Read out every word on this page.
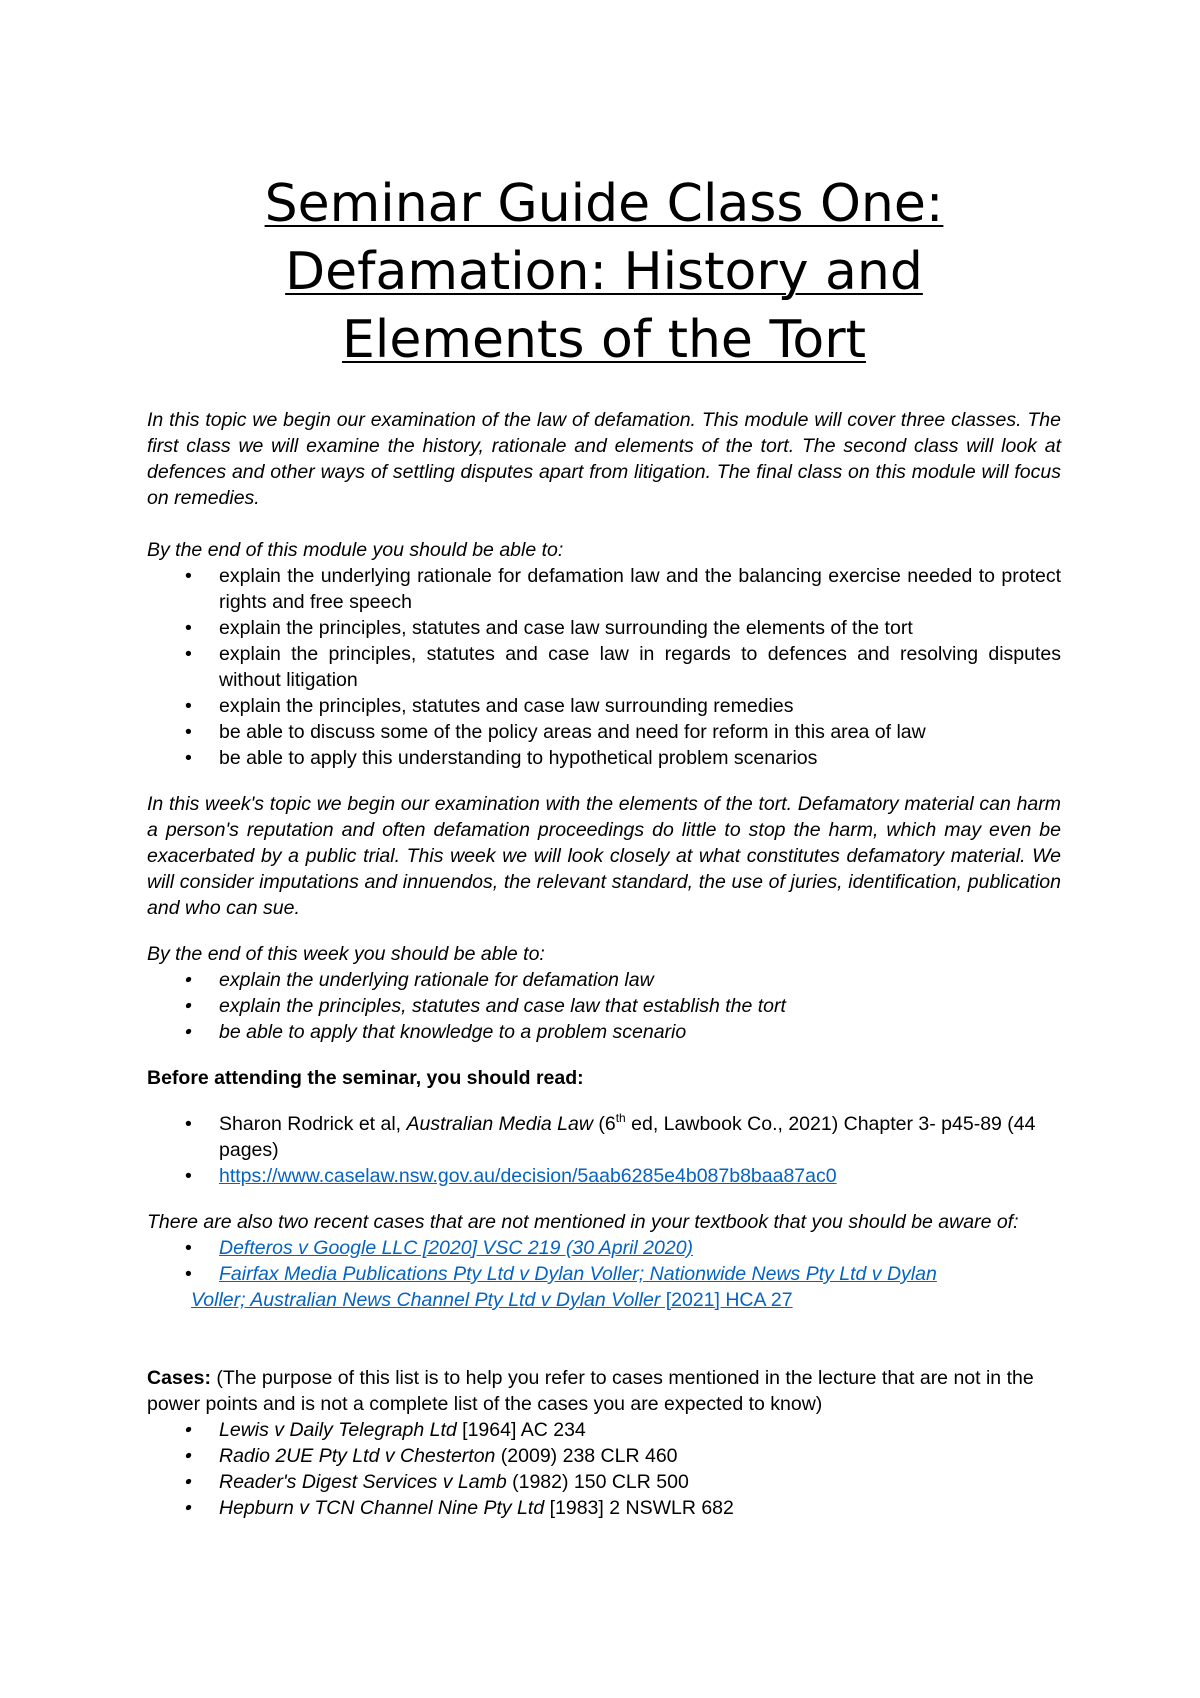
Seminar Guide Class One:
Defamation: History and
Elements of the Tort

In this topic we begin our examination of the law of defamation. This module will cover three classes. The first class we will examine the history, rationale and elements of the tort. The second class will look at defences and other ways of settling disputes apart from litigation. The final class on this module will focus on remedies.

By the end of this module you should be able to:

• explain the underlying rationale for defamation law and the balancing exercise needed to protect rights and free speech
• explain the principles, statutes and case law surrounding the elements of the tort
• explain the principles, statutes and case law in regards to defences and resolving disputes without litigation
• explain the principles, statutes and case law surrounding remedies
• be able to discuss some of the policy areas and need for reform in this area of law
• be able to apply this understanding to hypothetical problem scenarios

In this week's topic we begin our examination with the elements of the tort. Defamatory material can harm a person's reputation and often defamation proceedings do little to stop the harm, which may even be exacerbated by a public trial. This week we will look closely at what constitutes defamatory material. We will consider imputations and innuendos, the relevant standard, the use of juries, identification, publication and who can sue.

By the end of this week you should be able to:

• explain the underlying rationale for defamation law
• explain the principles, statutes and case law that establish the tort
• be able to apply that knowledge to a problem scenario

Before attending the seminar, you should read:

• Sharon Rodrick et al, Australian Media Law (6th ed, Lawbook Co., 2021) Chapter 3- p45-89 (44 pages)
• https://www.caselaw.nsw.gov.au/decision/5aab6285e4b087b8baa87ac0

There are also two recent cases that are not mentioned in your textbook that you should be aware of:

• Defteros v Google LLC [2020] VSC 219 (30 April 2020)
• Fairfax Media Publications Pty Ltd v Dylan Voller; Nationwide News Pty Ltd v Dylan
Voller; Australian News Channel Pty Ltd v Dylan Voller [2021] HCA 27

Cases: (The purpose of this list is to help you refer to cases mentioned in the lecture that are not in the power points and is not a complete list of the cases you are expected to know)

• Lewis v Daily Telegraph Ltd [1964] AC 234
• Radio 2UE Pty Ltd v Chesterton (2009) 238 CLR 460
• Reader's Digest Services v Lamb (1982) 150 CLR 500
• Hepburn v TCN Channel Nine Pty Ltd [1983] 2 NSWLR 682
